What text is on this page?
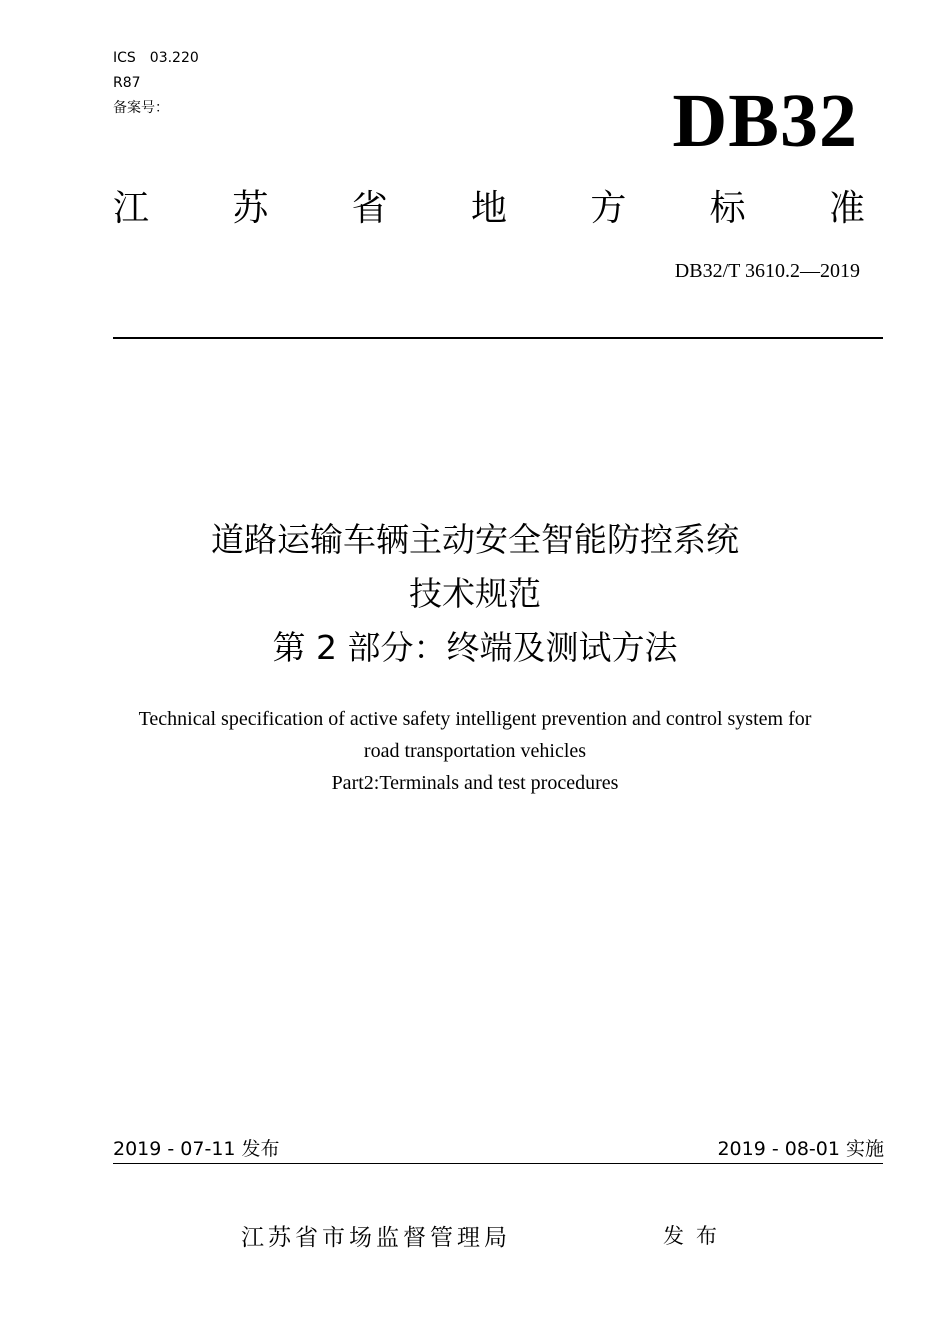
ICS　03.220
R87
备案号：	DB32
江 苏 省 地 方 标 准
DB32/T 3610.2—2019
道路运输车辆主动安全智能防控系统
技术规范
第 2 部分：终端及测试方法
Technical specification of active safety intelligent prevention and control system for
road transportation vehicles
Part2:Terminals and test procedures
2019 - 07-11 发布	2019 - 08-01 实施
江苏省市场监督管理局	发布
